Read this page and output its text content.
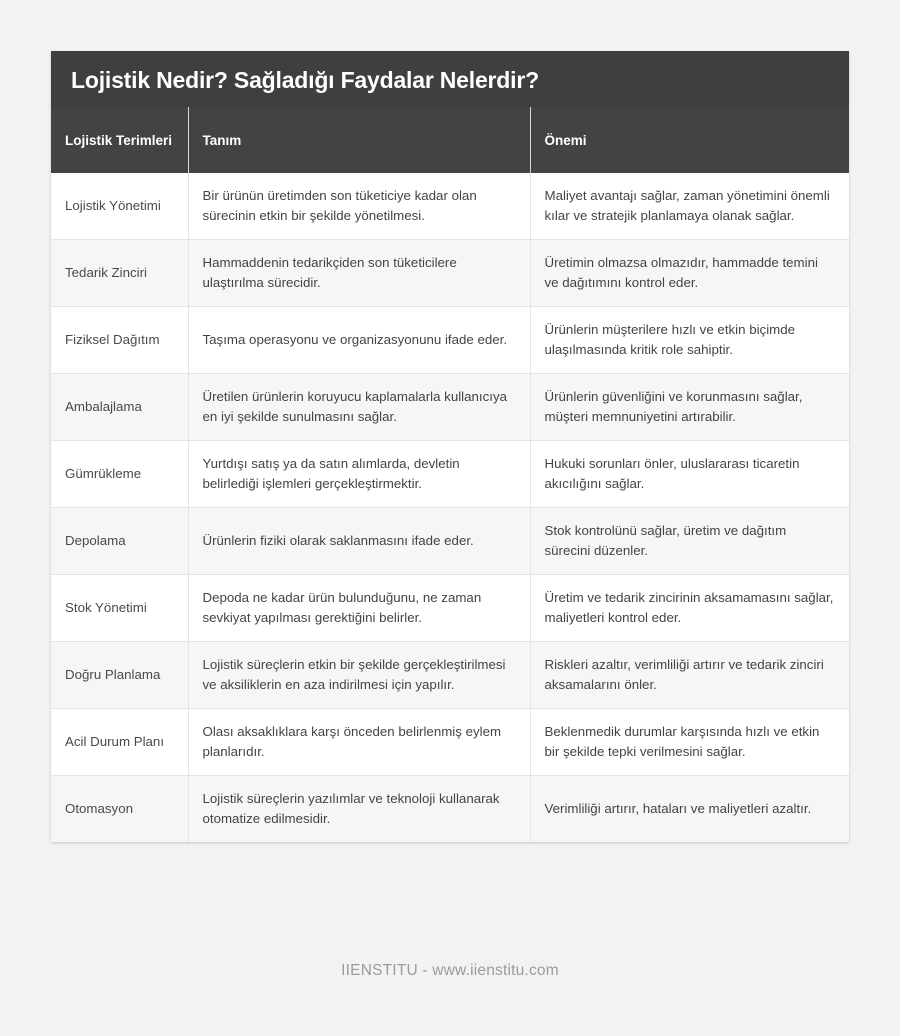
Lojistik Nedir? Sağladığı Faydalar Nelerdir?
Lojistik Terimleri	Tanım	Önemi
Lojistik Yönetimi	Bir ürünün üretimden son tüketiciye kadar olan sürecinin etkin bir şekilde yönetilmesi.	Maliyet avantajı sağlar, zaman yönetimini önemli kılar ve stratejik planlamaya olanak sağlar.
Tedarik Zinciri	Hammaddenin tedarikçiden son tüketicilere ulaştırılma sürecidir.	Üretimin olmazsa olmazıdır, hammadde temini ve dağıtımını kontrol eder.
Fiziksel Dağıtım	Taşıma operasyonu ve organizasyonunu ifade eder.	Ürünlerin müşterilere hızlı ve etkin biçimde ulaşılmasında kritik role sahiptir.
Ambalajlama	Üretilen ürünlerin koruyucu kaplamalarla kullanıcıya en iyi şekilde sunulmasını sağlar.	Ürünlerin güvenliğini ve korunmasını sağlar, müşteri memnuniyetini artırabilir.
Gümrükleme	Yurtdışı satış ya da satın alımlarda, devletin belirlediği işlemleri gerçekleştirmektir.	Hukuki sorunları önler, uluslararası ticaretin akıcılığını sağlar.
Depolama	Ürünlerin fiziki olarak saklanmasını ifade eder.	Stok kontrolünü sağlar, üretim ve dağıtım sürecini düzenler.
Stok Yönetimi	Depoda ne kadar ürün bulunduğunu, ne zaman sevkiyat yapılması gerektiğini belirler.	Üretim ve tedarik zincirinin aksamamasını sağlar, maliyetleri kontrol eder.
Doğru Planlama	Lojistik süreçlerin etkin bir şekilde gerçekleştirilmesi ve aksiliklerin en aza indirilmesi için yapılır.	Riskleri azaltır, verimliliği artırır ve tedarik zinciri aksamalarını önler.
Acil Durum Planı	Olası aksaklıklara karşı önceden belirlenmiş eylem planlarıdır.	Beklenmedik durumlar karşısında hızlı ve etkin bir şekilde tepki verilmesini sağlar.
Otomasyon	Lojistik süreçlerin yazılımlar ve teknoloji kullanarak otomatize edilmesidir.	Verimliliği artırır, hataları ve maliyetleri azaltır.
IIENSTITU - www.iienstitu.com
